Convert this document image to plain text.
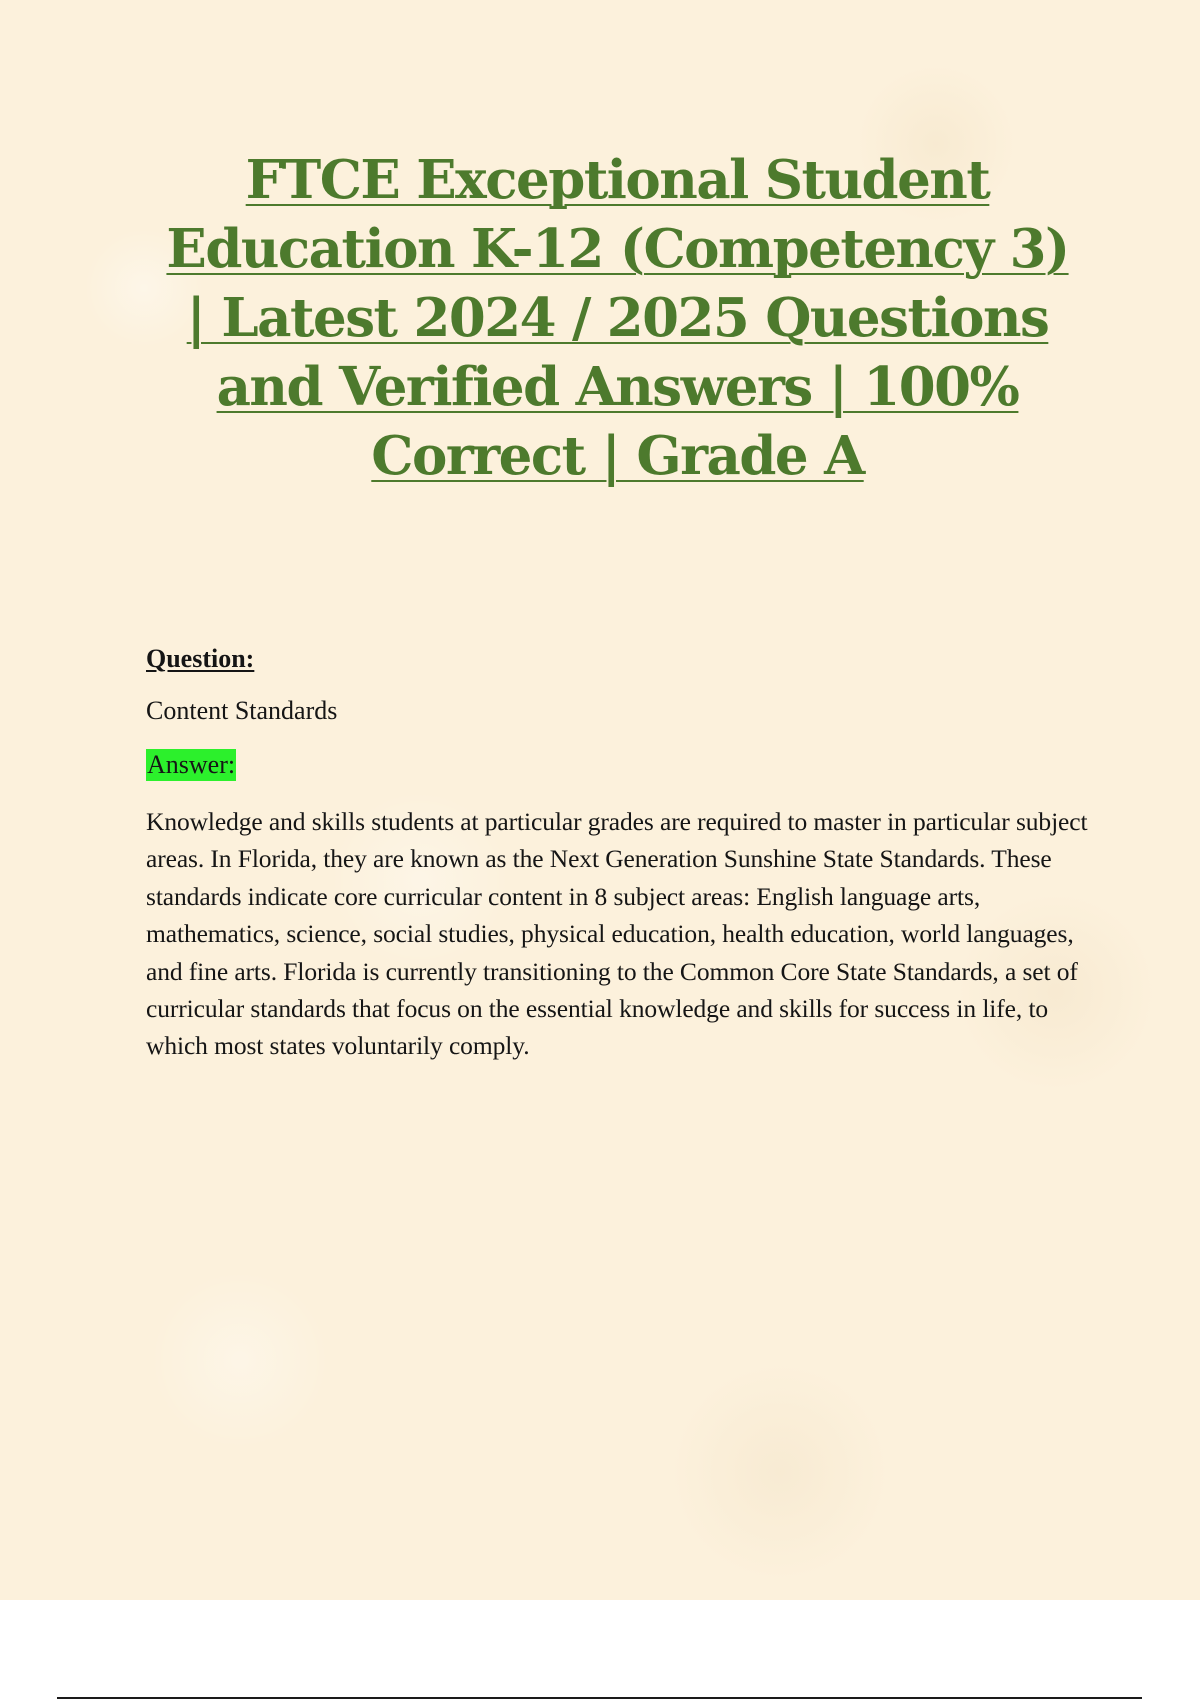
FTCE Exceptional Student Education K-12 (Competency 3) | Latest 2024 / 2025 Questions and Verified Answers | 100% Correct | Grade A

Question:

Content Standards

Answer:

Knowledge and skills students at particular grades are required to master in particular subject areas. In Florida, they are known as the Next Generation Sunshine State Standards. These standards indicate core curricular content in 8 subject areas: English language arts, mathematics, science, social studies, physical education, health education, world languages, and fine arts. Florida is currently transitioning to the Common Core State Standards, a set of curricular standards that focus on the essential knowledge and skills for success in life, to which most states voluntarily comply.
